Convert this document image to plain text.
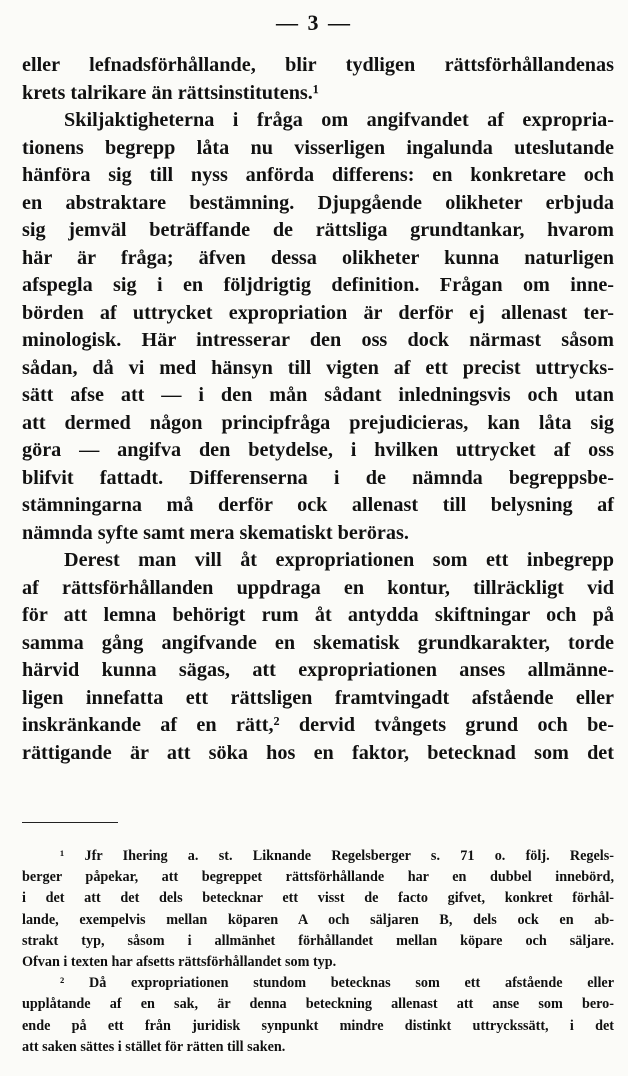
— 3 —
eller lefnadsförhållande, blir tydligen rättsförhållandenas
krets talrikare än rättsinstitutens.¹
Skiljaktigheterna i fråga om angifvandet af expropria-
tionens begrepp låta nu visserligen ingalunda uteslutande
hänföra sig till nyss anförda differens: en konkretare och
en abstraktare bestämning. Djupgående olikheter erbjuda
sig jemväl beträffande de rättsliga grundtankar, hvarom
här är fråga; äfven dessa olikheter kunna naturligen
afspegla sig i en följdrigtig definition. Frågan om inne-
börden af uttrycket expropriation är derför ej allenast ter-
minologisk. Här intresserar den oss dock närmast såsom
sådan, då vi med hänsyn till vigten af ett precist uttrycks-
sätt afse att — i den mån sådant inledningsvis och utan
att dermed någon principfråga prejudicieras, kan låta sig
göra — angifva den betydelse, i hvilken uttrycket af oss
blifvit fattadt. Differenserna i de nämnda begreppsbe-
stämningarna må derför ock allenast till belysning af
nämnda syfte samt mera skematiskt beröras.
Derest man vill åt expropriationen som ett inbegrepp
af rättsförhållanden uppdraga en kontur, tillräckligt vid
för att lemna behörigt rum åt antydda skiftningar och på
samma gång angifvande en skematisk grundkarakter, torde
härvid kunna sägas, att expropriationen anses allmänne-
ligen innefatta ett rättsligen framtvingadt afstående eller
inskränkande af en rätt,² dervid tvångets grund och be-
rättigande är att söka hos en faktor, betecknad som det
¹ Jfr Ihering a. st. Liknande Regelsberger s. 71 o. följ. Regels-
berger påpekar, att begreppet rättsförhållande har en dubbel innebörd,
i det att det dels betecknar ett visst de facto gifvet, konkret förhål-
lande, exempelvis mellan köparen A och säljaren B, dels ock en ab-
strakt typ, såsom i allmänhet förhållandet mellan köpare och säljare.
Ofvan i texten har afsetts rättsförhållandet som typ.
² Då expropriationen stundom betecknas som ett afstående eller
upplåtande af en sak, är denna beteckning allenast att anse som bero-
ende på ett från juridisk synpunkt mindre distinkt uttryckssätt, i det
att saken sättes i stället för rätten till saken.
